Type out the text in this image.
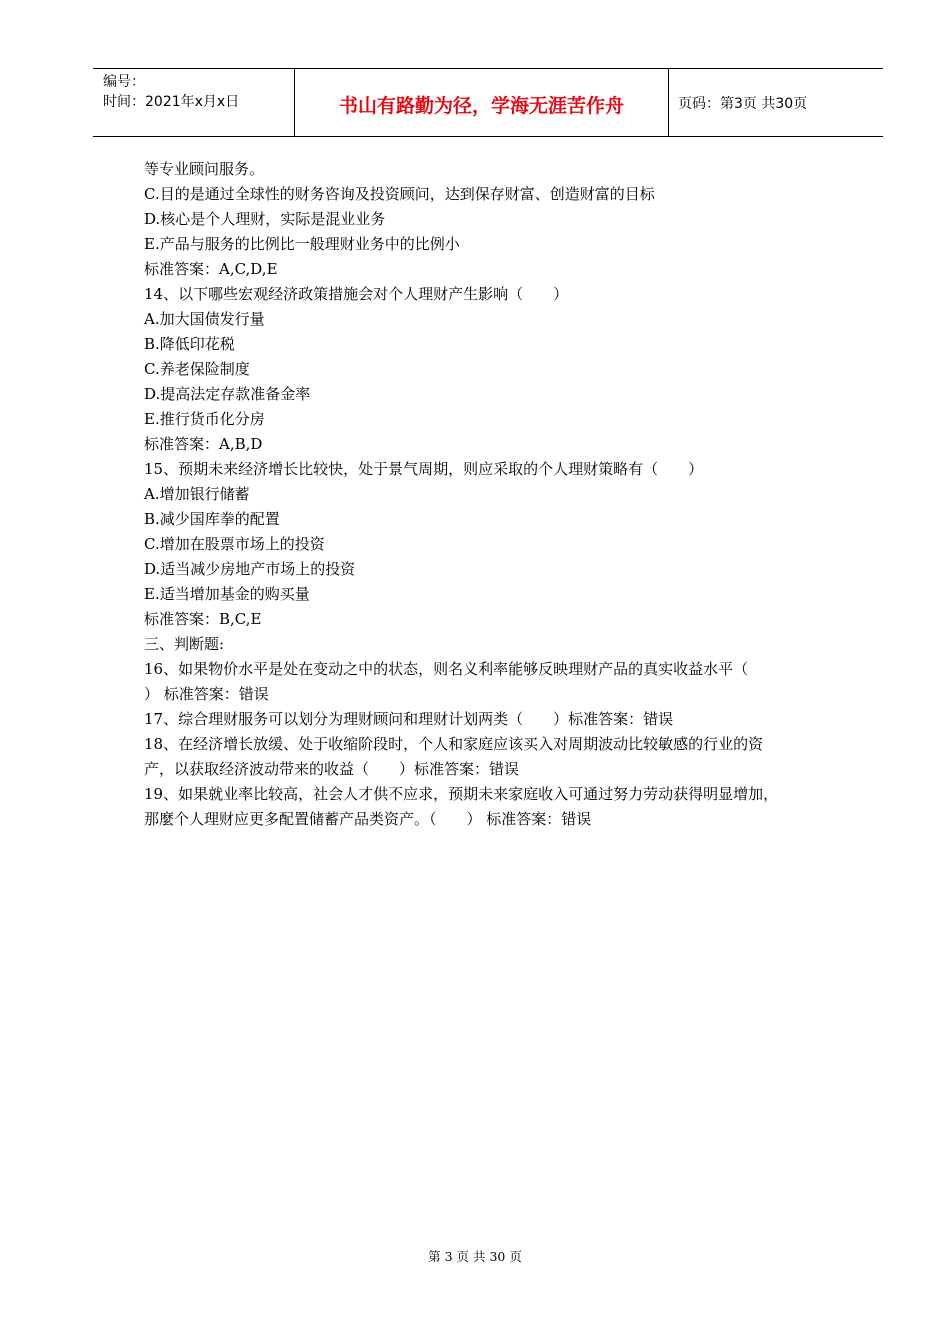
编号：
时间：2021年x月x日	书山有路勤为径，学海无涯苦作舟	页码：第3页 共30页
等专业顾问服务。
C.目的是通过全球性的财务咨询及投资顾问，达到保存财富、创造财富的目标
D.核心是个人理财，实际是混业业务
E.产品与服务的比例比一般理财业务中的比例小
标准答案：A,C,D,E
14、以下哪些宏观经济政策措施会对个人理财产生影响（　　）
A.加大国债发行量
B.降低印花税
C.养老保险制度
D.提高法定存款准备金率
E.推行货币化分房
标准答案：A,B,D
15、预期未来经济增长比较快，处于景气周期，则应采取的个人理财策略有（　　）
A.增加银行储蓄
B.减少国库拳的配置
C.增加在股票市场上的投资
D.适当减少房地产市场上的投资
E.适当增加基金的购买量
标准答案：B,C,E
三、判断题:
16、如果物价水平是处在变动之中的状态，则名义利率能够反映理财产品的真实收益水平（
） 标准答案：错误
17、综合理财服务可以划分为理财顾问和理财计划两类（　　）标准答案：错误
18、在经济增长放缓、处于收缩阶段时，个人和家庭应该买入对周期波动比较敏感的行业的资
产，以获取经济波动带来的收益（　　）标准答案：错误
19、如果就业率比较高，社会人才供不应求，预期未来家庭收入可通过努力劳动获得明显增加，
那麼个人理财应更多配置储蓄产品类资产。（　　） 标准答案：错误
第 3 页 共 30 页
